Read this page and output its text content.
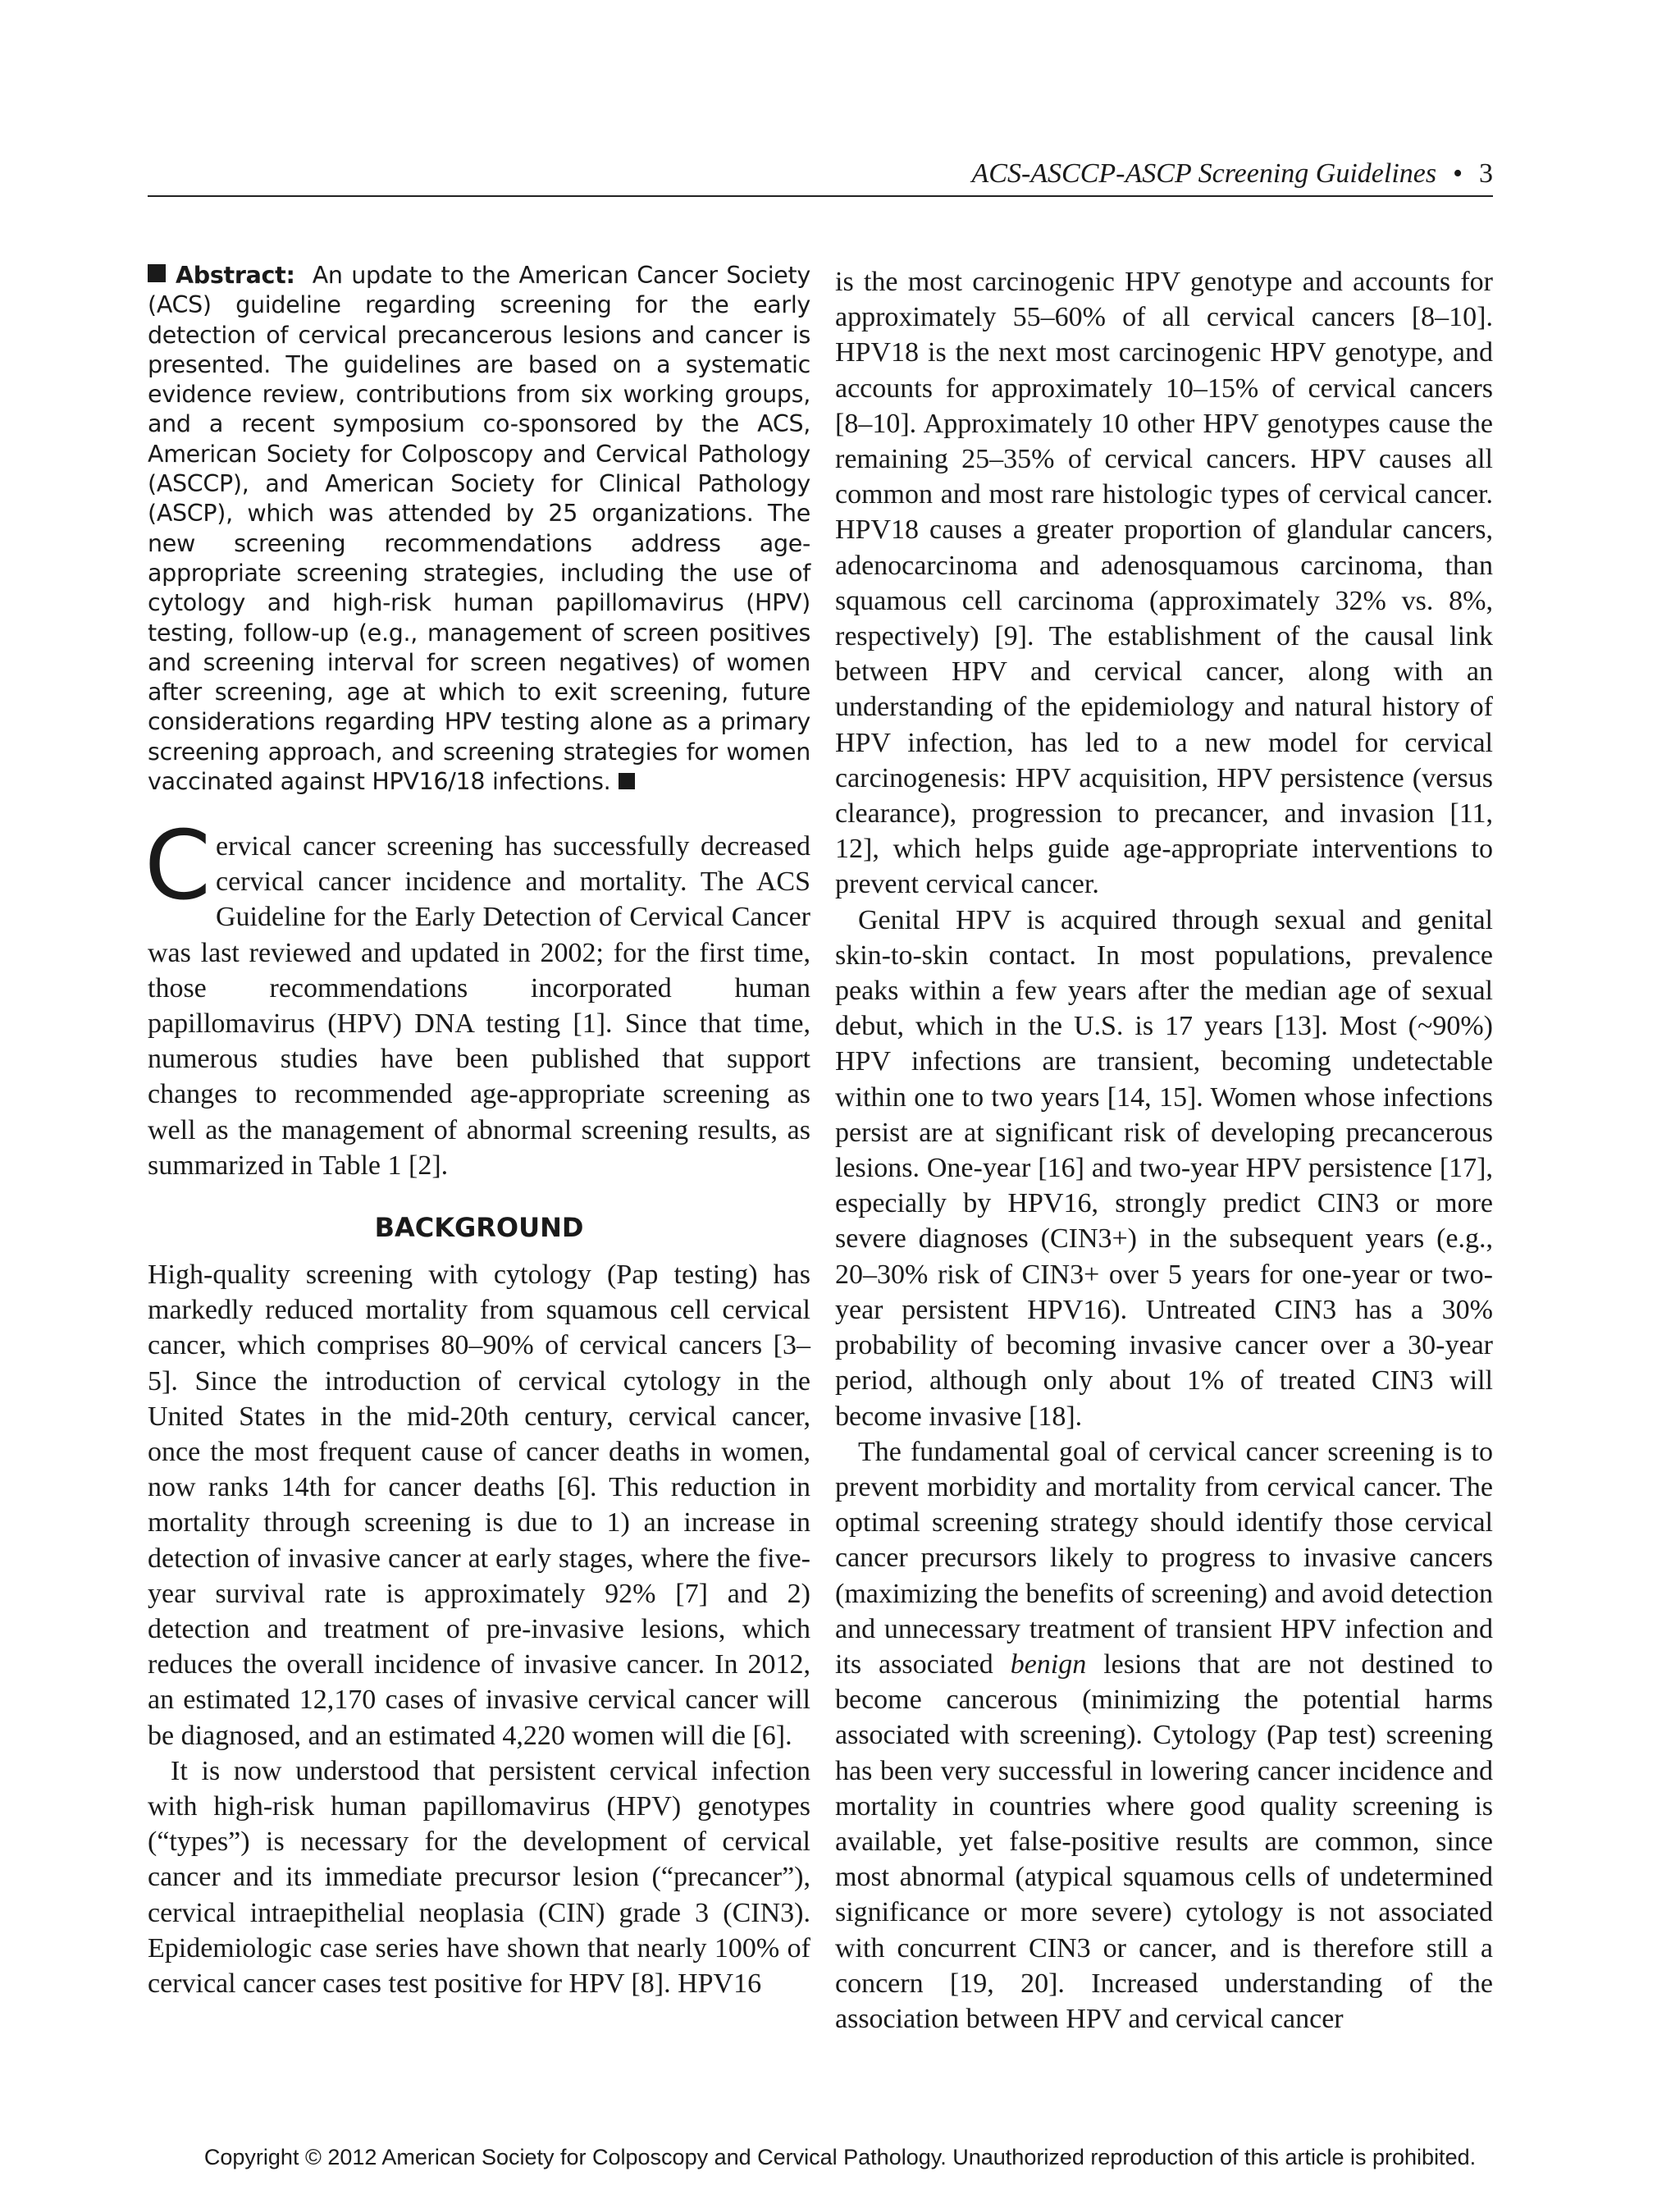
ACS-ASCCP-ASCP Screening Guidelines • 3
Abstract: An update to the American Cancer Society (ACS) guideline regarding screening for the early detection of cervical precancerous lesions and cancer is presented. The guidelines are based on a systematic evidence review, contributions from six working groups, and a recent symposium co-sponsored by the ACS, American Society for Colposcopy and Cervical Pathology (ASCCP), and American Society for Clinical Pathology (ASCP), which was attended by 25 organizations. The new screening recommendations address age-appropriate screening strategies, including the use of cytology and high-risk human papillomavirus (HPV) testing, follow-up (e.g., management of screen positives and screening interval for screen negatives) of women after screening, age at which to exit screening, future considerations regarding HPV testing alone as a primary screening approach, and screening strategies for women vaccinated against HPV16/18 infections.
C ervical cancer screening has successfully decreased cervical cancer incidence and mortality. The ACS Guideline for the Early Detection of Cervical Cancer was last reviewed and updated in 2002; for the first time, those recommendations incorporated human papillomavirus (HPV) DNA testing [1]. Since that time, numerous studies have been published that support changes to recommended age-appropriate screening as well as the management of abnormal screening results, as summarized in Table 1 [2].
BACKGROUND

High-quality screening with cytology (Pap testing) has markedly reduced mortality from squamous cell cervical cancer, which comprises 80–90% of cervical cancers [3–5]. Since the introduction of cervical cytology in the United States in the mid-20th century, cervical cancer, once the most frequent cause of cancer deaths in women, now ranks 14th for cancer deaths [6]. This reduction in mortality through screening is due to 1) an increase in detection of invasive cancer at early stages, where the five-year survival rate is approximately 92% [7] and 2) detection and treatment of pre-invasive lesions, which reduces the overall incidence of invasive cancer. In 2012, an estimated 12,170 cases of invasive cervical cancer will be diagnosed, and an estimated 4,220 women will die [6].

It is now understood that persistent cervical infection with high-risk human papillomavirus (HPV) genotypes (“types”) is necessary for the development of cervical cancer and its immediate precursor lesion (“precancer”), cervical intraepithelial neoplasia (CIN) grade 3 (CIN3). Epidemiologic case series have shown that nearly 100% of cervical cancer cases test positive for HPV [8]. HPV16

is the most carcinogenic HPV genotype and accounts for approximately 55–60% of all cervical cancers [8–10]. HPV18 is the next most carcinogenic HPV genotype, and accounts for approximately 10–15% of cervical cancers [8–10]. Approximately 10 other HPV genotypes cause the remaining 25–35% of cervical cancers. HPV causes all common and most rare histologic types of cervical cancer. HPV18 causes a greater proportion of glandular cancers, adenocarcinoma and adenosquamous carcinoma, than squamous cell carcinoma (approximately 32% vs. 8%, respectively) [9]. The establishment of the causal link between HPV and cervical cancer, along with an understanding of the epidemiology and natural history of HPV infection, has led to a new model for cervical carcinogenesis: HPV acquisition, HPV persistence (versus clearance), progression to precancer, and invasion [11, 12], which helps guide age-appropriate interventions to prevent cervical cancer.

Genital HPV is acquired through sexual and genital skin-to-skin contact. In most populations, prevalence peaks within a few years after the median age of sexual debut, which in the U.S. is 17 years [13]. Most (~90%) HPV infections are transient, becoming undetectable within one to two years [14, 15]. Women whose infections persist are at significant risk of developing precancerous lesions. One-year [16] and two-year HPV persistence [17], especially by HPV16, strongly predict CIN3 or more severe diagnoses (CIN3+) in the subsequent years (e.g., 20–30% risk of CIN3+ over 5 years for one-year or two-year persistent HPV16). Untreated CIN3 has a 30% probability of becoming invasive cancer over a 30-year period, although only about 1% of treated CIN3 will become invasive [18].

The fundamental goal of cervical cancer screening is to prevent morbidity and mortality from cervical cancer. The optimal screening strategy should identify those cervical cancer precursors likely to progress to invasive cancers (maximizing the benefits of screening) and avoid detection and unnecessary treatment of transient HPV infection and its associated benign lesions that are not destined to become cancerous (minimizing the potential harms associated with screening). Cytology (Pap test) screening has been very successful in lowering cancer incidence and mortality in countries where good quality screening is available, yet false-positive results are common, since most abnormal (atypical squamous cells of undetermined significance or more severe) cytology is not associated with concurrent CIN3 or cancer, and is therefore still a concern [19, 20]. Increased understanding of the association between HPV and cervical cancer

Copyright © 2012 American Society for Colposcopy and Cervical Pathology. Unauthorized reproduction of this article is prohibited.
